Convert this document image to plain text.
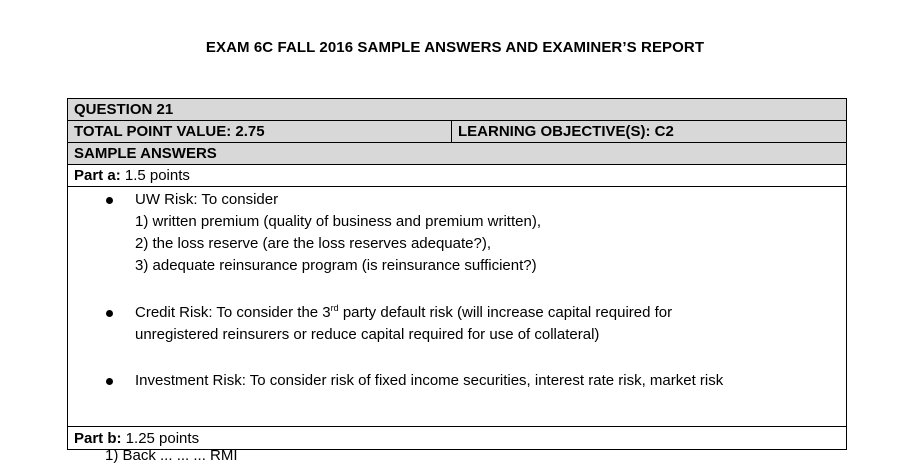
EXAM 6C FALL 2016 SAMPLE ANSWERS AND EXAMINER’S REPORT
QUESTION 21
TOTAL POINT VALUE: 2.75	LEARNING OBJECTIVE(S): C2
SAMPLE ANSWERS
Part a: 1.5 points
UW Risk: To consider
1) written premium (quality of business and premium written),
2) the loss reserve (are the loss reserves adequate?),
3) adequate reinsurance program (is reinsurance sufficient?)
Credit Risk: To consider the 3rd party default risk (will increase capital required for
unregistered reinsurers or reduce capital required for use of collateral)
Investment Risk: To consider risk of fixed income securities, interest rate risk, market risk
Part b: 1.25 points
1) Back ... ... ... RMI
